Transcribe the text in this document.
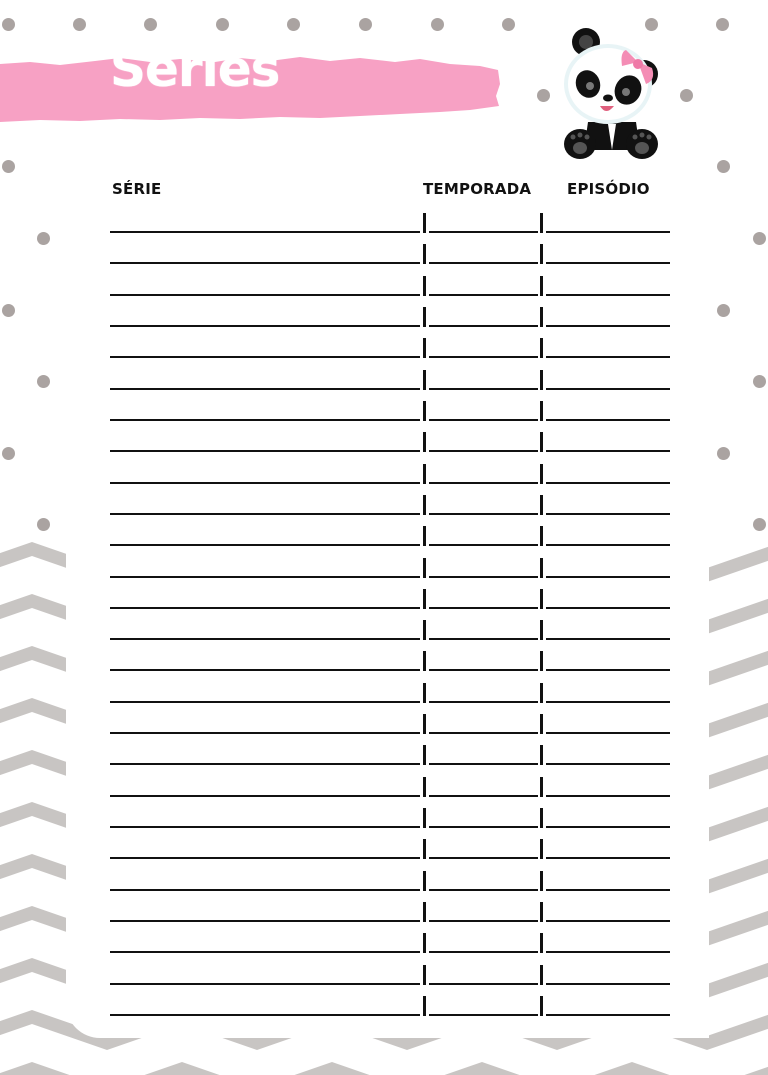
Séries
SÉRIE	TEMPORADA EPISÓDIO
